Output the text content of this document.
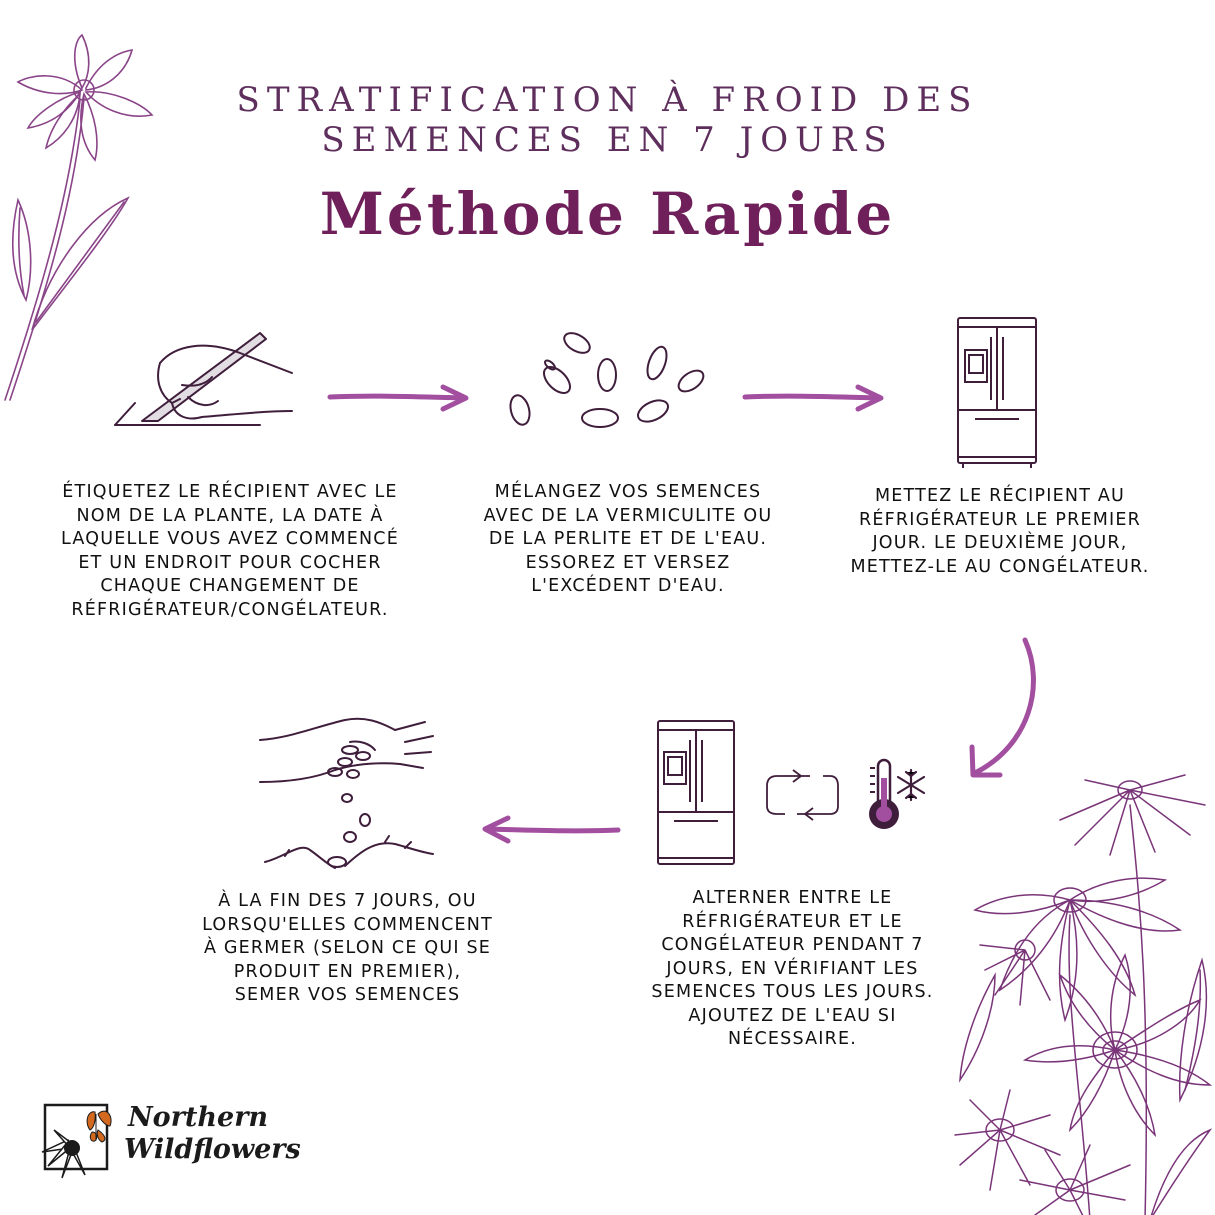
STRATIFICATION À FROID DES
SEMENCES EN 7 JOURS
Méthode Rapide
ÉTIQUETEZ LE RÉCIPIENT AVEC LE NOM DE LA PLANTE, LA DATE À LAQUELLE VOUS AVEZ COMMENCÉ ET UN ENDROIT POUR COCHER CHAQUE CHANGEMENT DE RÉFRIGÉRATEUR/CONGÉLATEUR.
MÉLANGEZ VOS SEMENCES AVEC DE LA VERMICULITE OU DE LA PERLITE ET DE L'EAU. ESSOREZ ET VERSEZ L'EXCÉDENT D'EAU.
METTEZ LE RÉCIPIENT AU RÉFRIGÉRATEUR LE PREMIER JOUR. LE DEUXIÈME JOUR, METTEZ-LE AU CONGÉLATEUR.
ALTERNER ENTRE LE RÉFRIGÉRATEUR ET LE CONGÉLATEUR PENDANT 7 JOURS, EN VÉRIFIANT LES SEMENCES TOUS LES JOURS. AJOUTEZ DE L'EAU SI NÉCESSAIRE.
À LA FIN DES 7 JOURS, OU LORSQU'ELLES COMMENCENT À GERMER (SELON CE QUI SE PRODUIT EN PREMIER), SEMER VOS SEMENCES
Northern
Wildflowers
